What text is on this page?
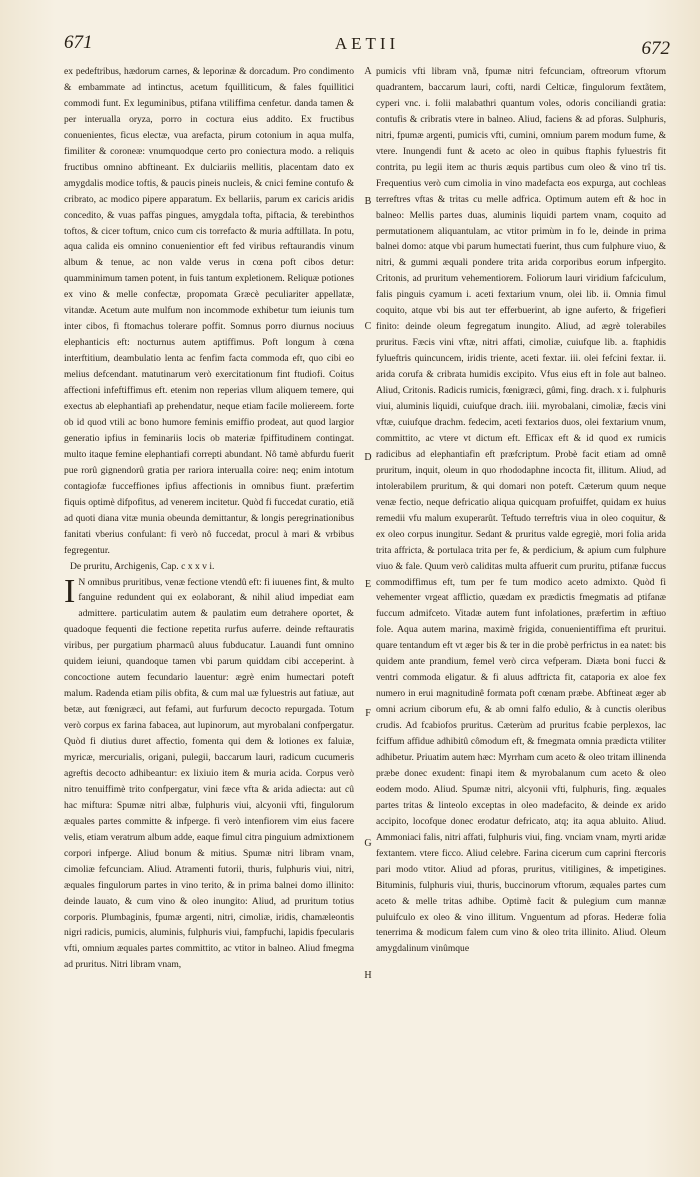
671	AETII	672

ex pedeftribus, hædorum carnes, & leporinæ & dorcadum. Pro condimento & embammate ad intinctus, acetum fquilliticum, & fales fquillitici commodi funt. Ex leguminibus, ptifana vtiliffima cenfetur. danda tamen & per interualla oryza, porro in coctura eius addito. Ex fructibus conuenientes, ficus electæ, vua arefacta, pirum cotonium in aqua mulfa, fimiliter & coroneæ: vnumquodque certo pro coniectura modo. a reliquis fructibus omnino abftineant. Ex dulciariis mellitis, placentam dato ex amygdalis modice toftis, & paucis pineis nucleis, & cnici femine contufo & cribrato, ac modico pipere apparatum. Ex bellariis, parum ex caricis aridis concedito, & vuas paffas pingues, amygdala tofta, piftacia, & terebinthos toftos, & cicer toftum, cnico cum cis torrefacto & muria adftillata. In potu, aqua calida eis omnino conuenientior eft fed viribus reftaurandis vinum album & tenue, ac non valde verus in cœna poft cibos detur: quamminimum tamen potent, in fuis tantum expletionem. Reliquæ potiones ex vino & melle confectæ, propomata Græcè peculiariter appellatæ, vitandæ. Acetum aute mulfum non incommode exhibetur tum ieiunis tum inter cibos, fi ftomachus tolerare poffit. Somnus porro diurnus nociuus elephanticis eft: nocturnus autem aptiffimus. Poft longum à cœna interftitium, deambulatio lenta ac fenfim facta commoda eft, quo cibi eo melius defcendant. matutinarum verò exercitationum fint ftudiofi. Coitus affectioni infeftiffimus eft. etenim non reperias vllum aliquem temere, qui exectus ab elephantiafi ap prehendatur, neque etiam facile moliereem. forte ob id quod vtili ac bono humore feminis emiffio prodeat, aut quod largior generatio ipfius in feminariis locis ob materiæ fpiffitudinem contingat. multo itaque femine elephantiafi correpti abundant. Nô tamè abfurdu fuerit pue rorû gignendorû gratia per rariora interualla coire: neq; enim intotum contagiofæ fucceffiones ipfius affectionis in omnibus fiunt. præfertim fiquis optimè difpofitus, ad venerem incitetur. Quòd fi fuccedat curatio, etiã ad quoti diana vitæ munia obeunda demittantur, & longis peregrinationibus fanitati vberius confulant: fi verò nô fuccedat, procul à mari & vrbibus fegregentur.

De pruritu, Archigenis, Cap. c x x v i.

I N omnibus pruritibus, venæ fectione vtendû eft: fi iuuenes fint, & multo fanguine redundent qui ex eolaborant, & nihil aliud impediat eam admittere. particulatim autem & paulatim eum detrahere oportet, & quadoque fequenti die fectione repetita rurfus auferre. deinde reftauratis viribus, per purgatium pharmacû aluus fubducatur. Lauandi funt omnino quidem ieiuni, quandoque tamen vbi parum quiddam cibi acceperint. à concoctione autem fecundario lauentur: ægrè enim humectari poteft malum. Radenda etiam pilis obfita, & cum mal uæ fyluestris aut fatiuæ, aut betæ, aut fœnigræci, aut fefami, aut furfurum decocto repurgada. Totum verò corpus ex farina fabacea, aut lupinorum, aut myrobalani confpergatur. Quòd fi diutius duret affectio, fomenta qui dem & lotiones ex faluiæ, myricæ, mercurialis, origani, pulegii, baccarum lauri, radicum cucumeris agreftis decocto adhibeantur: ex lixiuio item & muria acida. Corpus verò nitro tenuiffimè trito confpergatur, vini fæce vfta & arida adiecta: aut cû hac miftura: Spumæ nitri albæ, fulphuris viui, alcyonii vfti, fingulorum æquales partes committe & infperge. fi verò intenfiorem vim eius facere velis, etiam veratrum album adde, eaque fimul citra pinguium admixtionem corpori infperge. Aliud bonum & mitius. Spumæ nitri libram vnam, cimoliæ fefcunciam. Aliud. Atramenti futorii, thuris, fulphuris viui, nitri, æquales fingulorum partes in vino terito, & in prima balnei domo illinito: deinde lauato, & cum vino & oleo inungito: Aliud, ad pruritum totius corporis. Plumbaginis, fpumæ argenti, nitri, cimoliæ, iridis, chamæleontis nigri radicis, pumicis, aluminis, fulphuris viui, fampfuchi, lapidis fpecularis vfti, omnium æquales partes committito, ac vtitor in balneo. Aliud fmegma ad pruritus. Nitri libram vnam,

pumicis vfti libram vnã, fpumæ nitri fefcunciam, oftreorum vftorum quadrantem, baccarum lauri, cofti, nardi Celticæ, fingulorum fextãtem, cyperi vnc. i. folii malabathri quantum voles, odoris conciliandi gratia: contufis & cribratis vtere in balneo. Aliud, faciens & ad pforas. Sulphuris, nitri, fpumæ argenti, pumicis vfti, cumini, omnium parem modum fume, & vtere. Inungendi funt & aceto ac oleo in quibus ftaphis fyluestris fit contrita, pu legii item ac thuris æquis partibus cum oleo & vino trî tis. Frequentius verò cum cimolia in vino madefacta eos expurga, aut cochleas terreftres vftas & tritas cu melle adfrica. Optimum autem eft & hoc in balneo: Mellis partes duas, aluminis liquidi partem vnam, coquito ad permutationem aliquantulam, ac vtitor primùm in fo le, deinde in prima balnei domo: atque vbi parum humectati fuerint, thus cum fulphure viuo, & nitri, & gummi æquali pondere trita arida corporibus eorum infpergito. Critonis, ad pruritum vehementiorem. Foliorum lauri viridium fafciculum, falis pinguis cyamum i. aceti fextarium vnum, olei lib. ii. Omnia fimul coquito, atque vbi bis aut ter efferbuerint, ab igne auferto, & frigefieri finito: deinde oleum fegregatum inungito. Aliud, ad ægrè tolerabiles pruritus. Fæcis vini vftæ, nitri affati, cimoliæ, cuiufque lib. a. ftaphidis fylueftris quincuncem, iridis triente, aceti fextar. iii. olei fefcini fextar. ii. arida corufa & cribrata humidis excipito. Vfus eius eft in fole aut balneo. Aliud, Critonis. Radicis rumicis, fœnigræci, gûmi, fing. drach. x i. fulphuris viui, aluminis liquidi, cuiufque drach. iiii. myrobalani, cimoliæ, fæcis vini vftæ, cuiufque drachm. fedecim, aceti fextarios duos, olei fextarium vnum, committito, ac vtere vt dictum eft. Efficax eft & id quod ex rumicis radicibus ad elephantiafin eft præfcriptum. Probè facit etiam ad omnê pruritum, inquit, oleum in quo rhododaphne incocta fit, illitum. Aliud, ad intolerabilem pruritum, & qui domari non poteft. Cæterum quum neque venæ fectio, neque defricatio aliqua quicquam profuiffet, quidam ex huius remedii vfu malum exuperarût. Teftudo terreftris viua in oleo coquitur, & ex oleo corpus inungitur. Sedant & pruritus valde egregiè, mori folia arida trita affricta, & portulaca trita per fe, & perdicium, & apium cum fulphure viuo & fale. Quum verò caliditas multa affuerit cum pruritu, ptifanæ fuccus commodiffimus eft, tum per fe tum modico aceto admixto. Quòd fi vehementer vrgeat afflictio, quædam ex prædictis fmegmatis ad ptifanæ fuccum admifceto. Vitadæ autem funt infolationes, præfertim in æftiuo fole. Aqua autem marina, maximè frigida, conuenientiffima eft pruritui. quare tentandum eft vt æger bis & ter in die probè perfrictus in ea natet: bis quidem ante prandium, femel verò circa vefperam. Diæta boni fucci & ventri commoda eligatur. & fi aluus adftricta fit, cataporia ex aloe fex numero in erui magnitudinê formata poft cœnam præbe. Abftineat æger ab omni acrium ciborum efu, & ab omni falfo edulio, & à cunctis oleribus crudis. Ad fcabiofos pruritus. Cæterùm ad pruritus fcabie perplexos, lac fciffum affidue adhibitû cômodum eft, & fmegmata omnia prædicta vtiliter adhibetur. Priuatim autem hæc: Myrrham cum aceto & oleo tritam illinenda præbe donec exudent: finapi item & myrobalanum cum aceto & oleo eodem modo. Aliud. Spumæ nitri, alcyonii vfti, fulphuris, fing. æquales partes tritas & linteolo exceptas in oleo madefacito, & deinde ex arido accipito, locofque donec erodatur defricato, atq; ita aqua abluito. Aliud. Ammoniaci falis, nitri affati, fulphuris viui, fing. vnciam vnam, myrti aridæ fextantem. vtere ficco. Aliud celebre. Farina cicerum cum caprini ftercoris pari modo vtitor. Aliud ad pforas, pruritus, vitiligines, & impetigines. Bituminis, fulphuris viui, thuris, buccinorum vftorum, æquales partes cum aceto & melle tritas adhibe. Optimè facit & pulegium cum mannæ puluifculo ex oleo & vino illitum. Vnguentum ad pforas. Hederæ folia tenerrima & modicum falem cum vino & oleo trita illinito. Aliud. Oleum amygdalinum vinûmque

A
B
C
D
E
F
G
H
